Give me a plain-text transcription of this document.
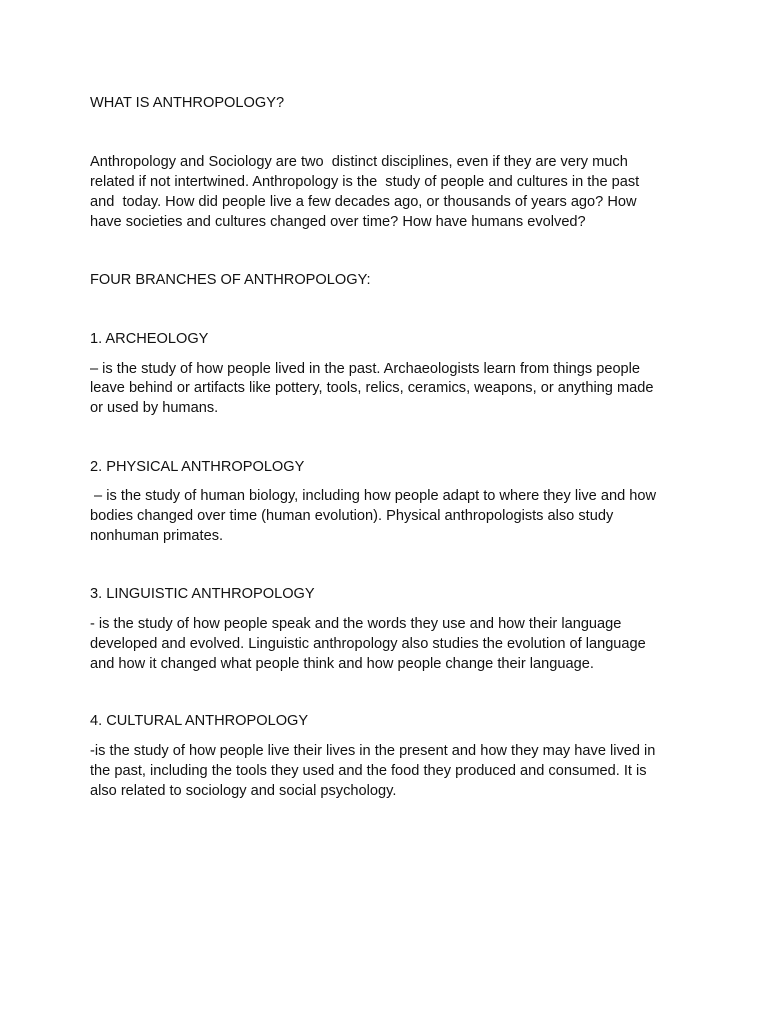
WHAT IS ANTHROPOLOGY?

Anthropology and Sociology are two  distinct disciplines, even if they are very much

related if not intertwined. Anthropology is the  study of people and cultures in the past

and  today. How did people live a few decades ago, or thousands of years ago? How

have societies and cultures changed over time? How have humans evolved?

FOUR BRANCHES OF ANTHROPOLOGY:

1. ARCHEOLOGY

– is the study of how people lived in the past. Archaeologists learn from things people

leave behind or artifacts like pottery, tools, relics, ceramics, weapons, or anything made

or used by humans.

2. PHYSICAL ANTHROPOLOGY

– is the study of human biology, including how people adapt to where they live and how

bodies changed over time (human evolution). Physical anthropologists also study

nonhuman primates.

3. LINGUISTIC ANTHROPOLOGY

- is the study of how people speak and the words they use and how their language

developed and evolved. Linguistic anthropology also studies the evolution of language

and how it changed what people think and how people change their language.

4. CULTURAL ANTHROPOLOGY

-is the study of how people live their lives in the present and how they may have lived in

the past, including the tools they used and the food they produced and consumed. It is

also related to sociology and social psychology.
